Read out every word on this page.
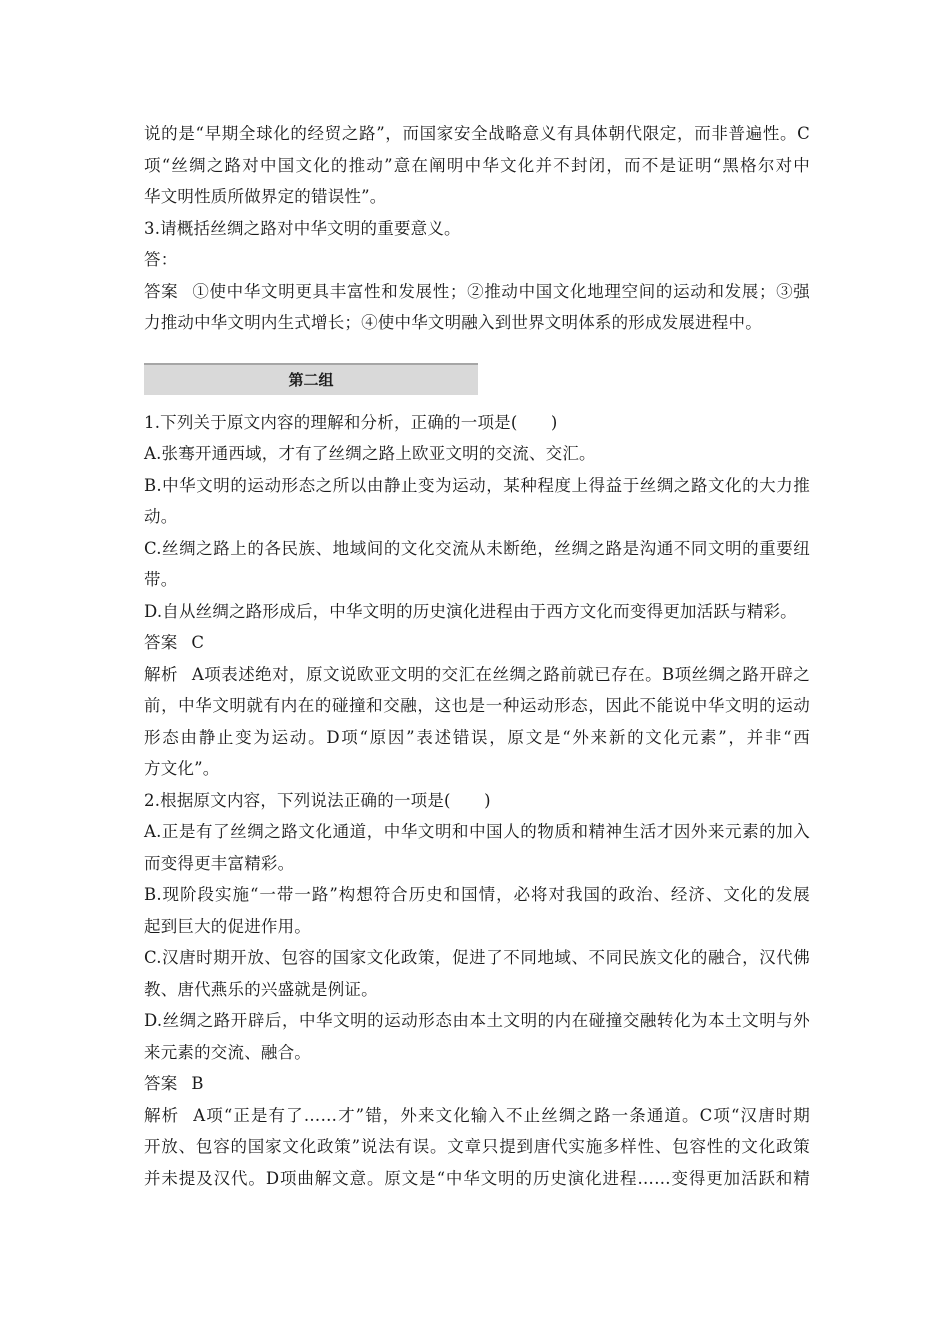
说的是“早期全球化的经贸之路”，而国家安全战略意义有具体朝代限定，而非普遍性。C
项“丝绸之路对中国文化的推动”意在阐明中华文化并不封闭，而不是证明“黑格尔对中
华文明性质所做界定的错误性”。
3.请概括丝绸之路对中华文明的重要意义。
答：
答案 ①使中华文明更具丰富性和发展性；②推动中国文化地理空间的运动和发展；③强
力推动中华文明内生式增长；④使中华文明融入到世界文明体系的形成发展进程中。
第二组
1.下列关于原文内容的理解和分析，正确的一项是(　　)
A.张骞开通西域，才有了丝绸之路上欧亚文明的交流、交汇。
B.中华文明的运动形态之所以由静止变为运动，某种程度上得益于丝绸之路文化的大力推
动。
C.丝绸之路上的各民族、地域间的文化交流从未断绝，丝绸之路是沟通不同文明的重要纽
带。
D.自从丝绸之路形成后，中华文明的历史演化进程由于西方文化而变得更加活跃与精彩。
答案 C
解析 A项表述绝对，原文说欧亚文明的交汇在丝绸之路前就已存在。B项丝绸之路开辟之
前，中华文明就有内在的碰撞和交融，这也是一种运动形态，因此不能说中华文明的运动
形态由静止变为运动。D项“原因”表述错误，原文是“外来新的文化元素”，并非“西
方文化”。
2.根据原文内容，下列说法正确的一项是(　　)
A.正是有了丝绸之路文化通道，中华文明和中国人的物质和精神生活才因外来元素的加入
而变得更丰富精彩。
B.现阶段实施“一带一路”构想符合历史和国情，必将对我国的政治、经济、文化的发展
起到巨大的促进作用。
C.汉唐时期开放、包容的国家文化政策，促进了不同地域、不同民族文化的融合，汉代佛
教、唐代燕乐的兴盛就是例证。
D.丝绸之路开辟后，中华文明的运动形态由本土文明的内在碰撞交融转化为本土文明与外
来元素的交流、融合。
答案 B
解析 A项“正是有了……才”错，外来文化输入不止丝绸之路一条通道。C项“汉唐时期
开放、包容的国家文化政策”说法有误。文章只提到唐代实施多样性、包容性的文化政策
并未提及汉代。D项曲解文意。原文是“中华文明的历史演化进程……变得更加活跃和精
